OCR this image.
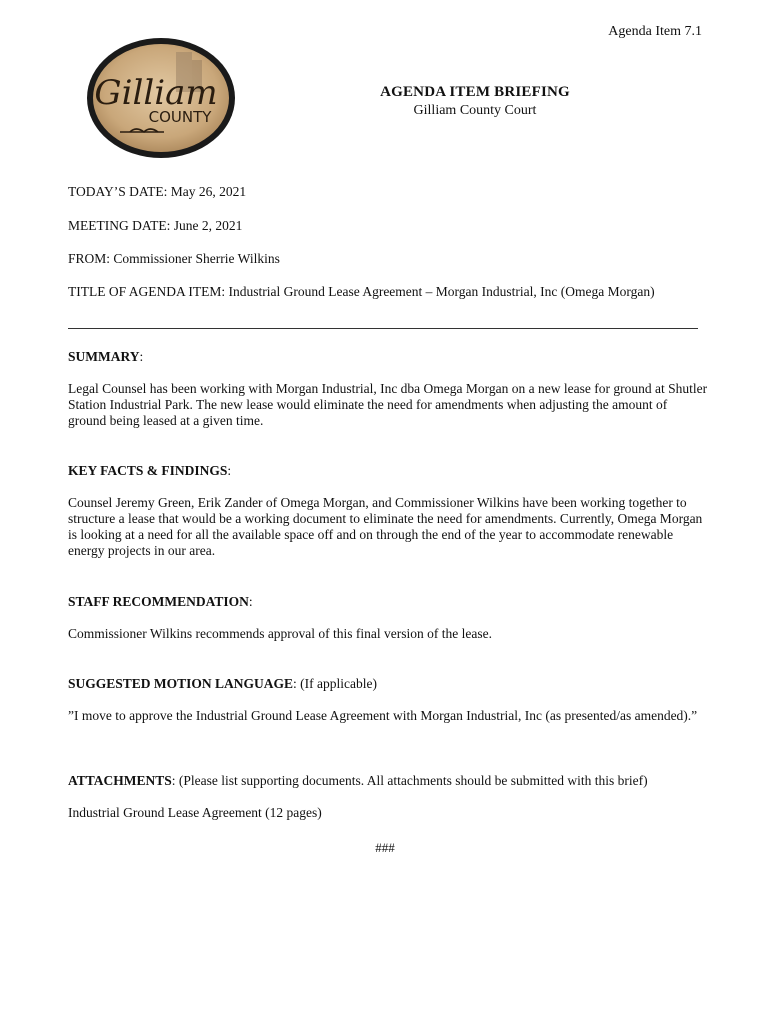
Agenda Item 7.1
Gilliam
COUNTY
AGENDA ITEM BRIEFING
Gilliam County Court
TODAY’S DATE: May 26, 2021
MEETING DATE: June 2, 2021
FROM: Commissioner Sherrie Wilkins
TITLE OF AGENDA ITEM: Industrial Ground Lease Agreement – Morgan Industrial, Inc (Omega Morgan)
SUMMARY:
Legal Counsel has been working with Morgan Industrial, Inc dba Omega Morgan on a new lease for ground at Shutler Station Industrial Park. The new lease would eliminate the need for amendments when adjusting the amount of ground being leased at a given time.
KEY FACTS & FINDINGS:
Counsel Jeremy Green, Erik Zander of Omega Morgan, and Commissioner Wilkins have been working together to structure a lease that would be a working document to eliminate the need for amendments. Currently, Omega Morgan is looking at a need for all the available space off and on through the end of the year to accommodate renewable energy projects in our area.
STAFF RECOMMENDATION:
Commissioner Wilkins recommends approval of this final version of the lease.
SUGGESTED MOTION LANGUAGE: (If applicable)
”I move to approve the Industrial Ground Lease Agreement with Morgan Industrial, Inc (as presented/as amended).”
ATTACHMENTS: (Please list supporting documents. All attachments should be submitted with this brief)
Industrial Ground Lease Agreement (12 pages)
###
